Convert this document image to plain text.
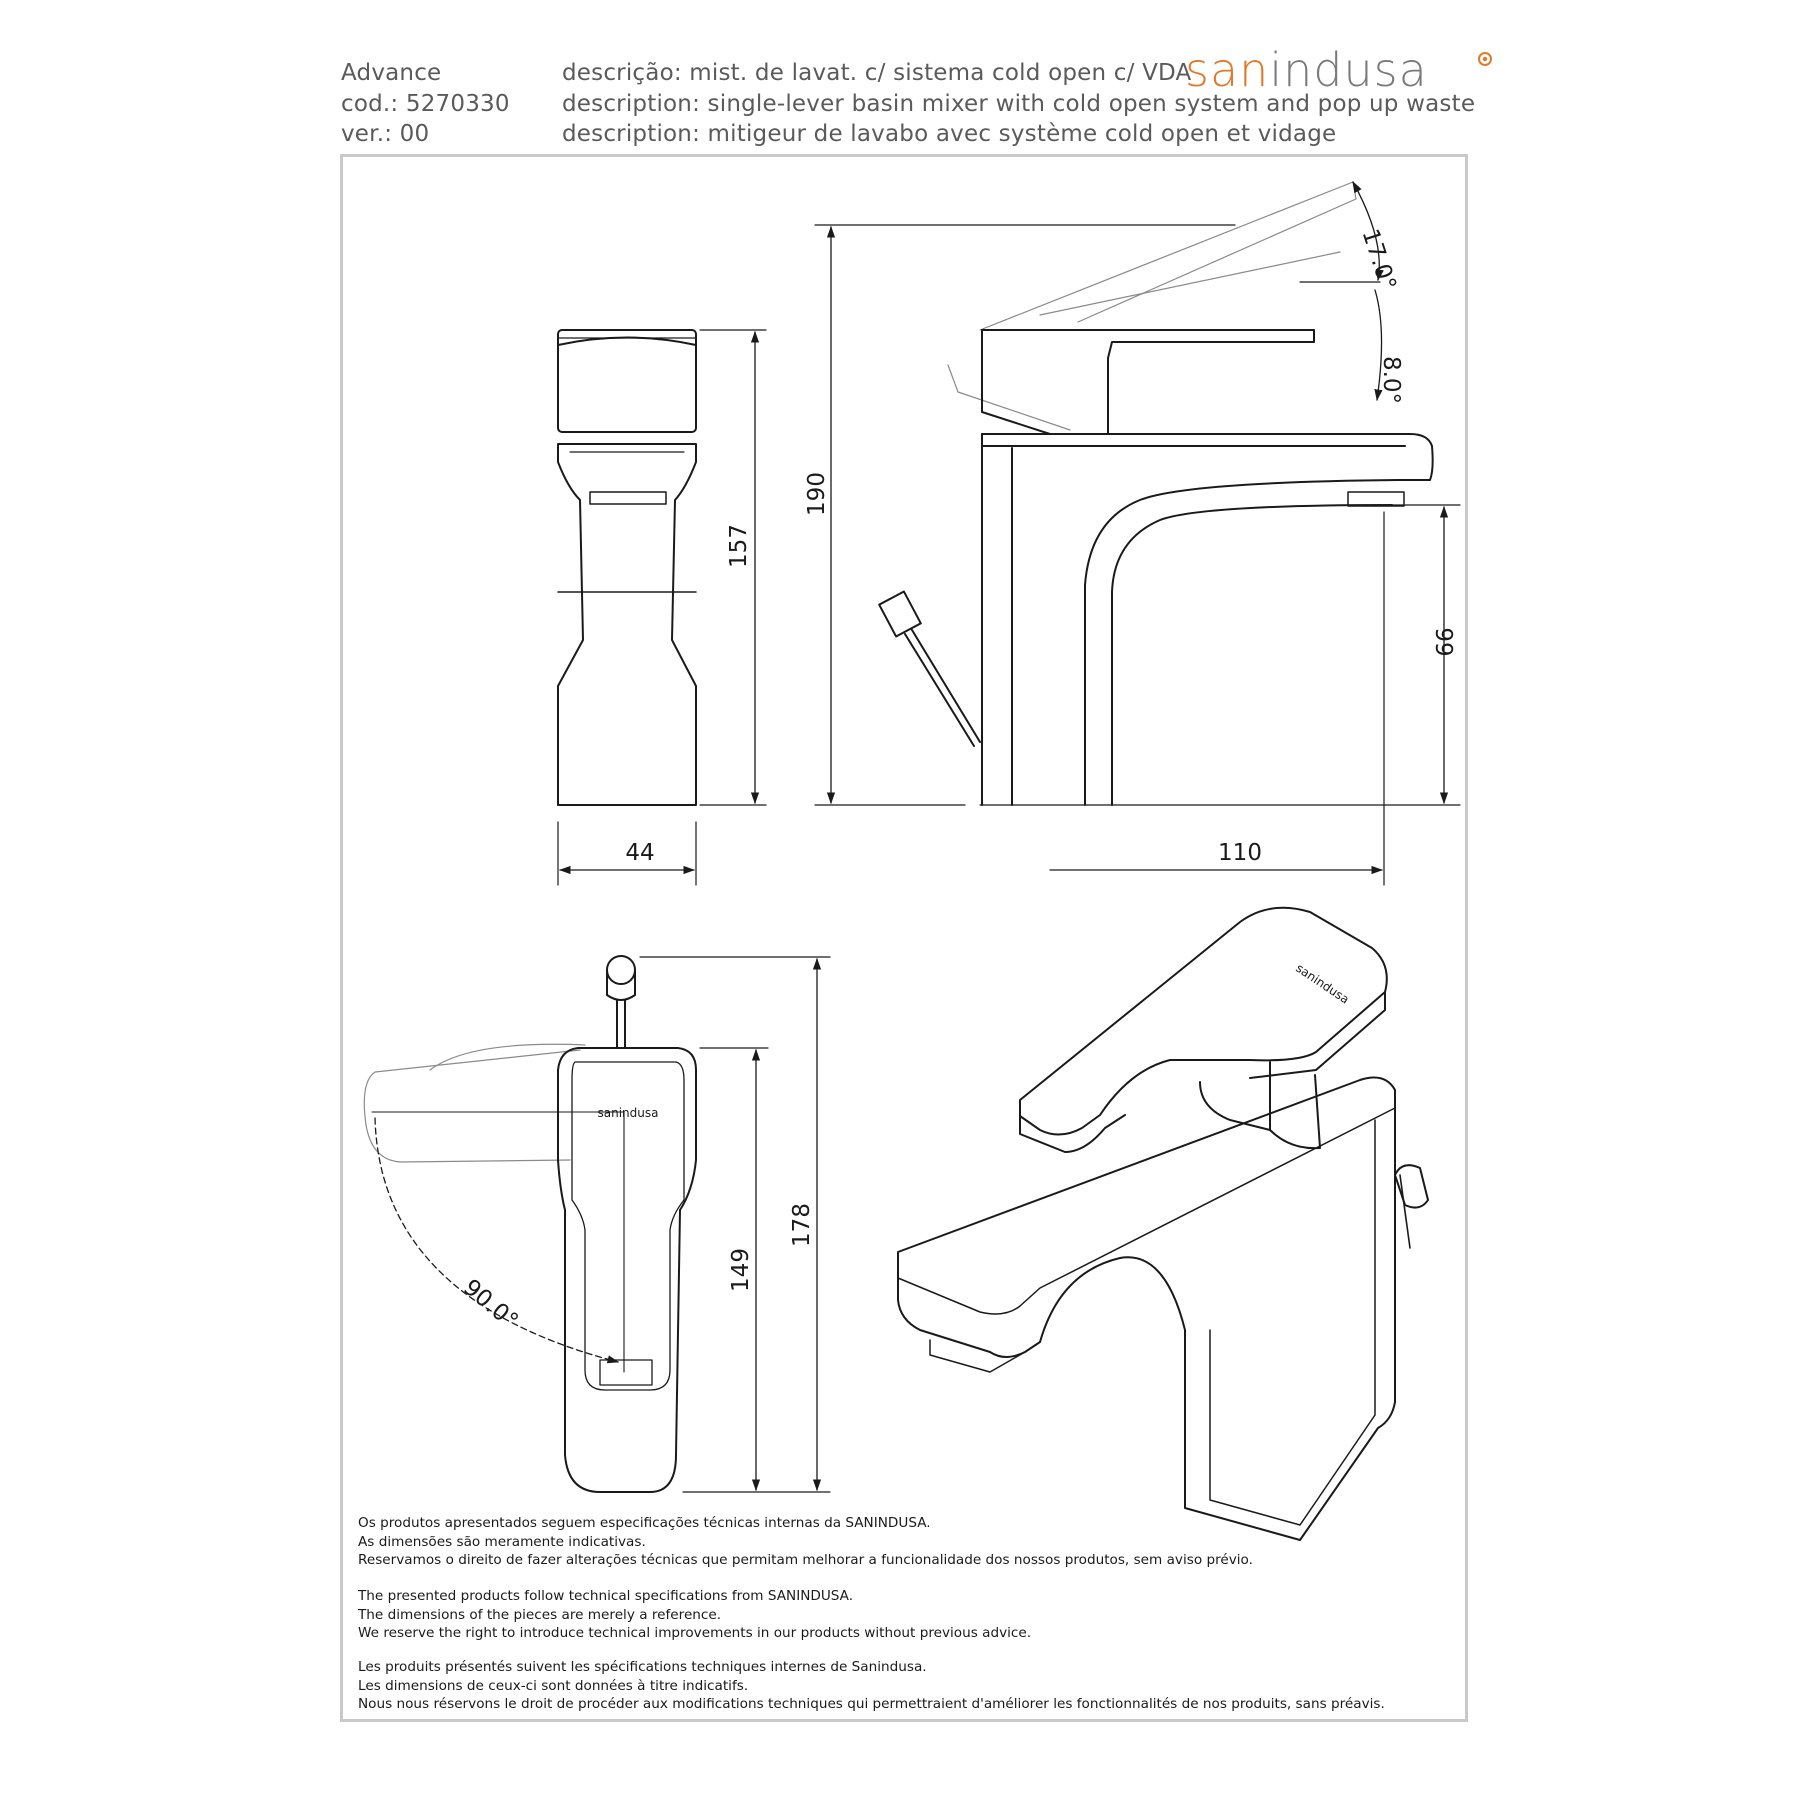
Advance
cod.: 5270330
ver.: 00
descrição: mist. de lavat. c/ sistema cold open c/ VDA
description: single-lever basin mixer with cold open system and pop up waste
description: mitigeur de lavabo avec système cold open et vidage
sanindusa
157
44
190
99
110
17.0°
8.0°
sanindusa
178
149
90.0°
sanindusa

Os produtos apresentados seguem especificações técnicas internas da SANINDUSA.

As dimensões são meramente indicativas.

Reservamos o direito de fazer alterações técnicas que permitam melhorar a funcionalidade dos nossos produtos, sem aviso prévio.

The presented products follow technical specifications from SANINDUSA.

The dimensions of the pieces are merely a reference.

We reserve the right to introduce technical improvements in our products without previous advice.

Les produits présentés suivent les spécifications techniques internes de Sanindusa.

Les dimensions de ceux-ci sont données à titre indicatifs.

Nous nous réservons le droit de procéder aux modifications techniques qui permettraient d'améliorer les fonctionnalités de nos produits, sans préavis.
